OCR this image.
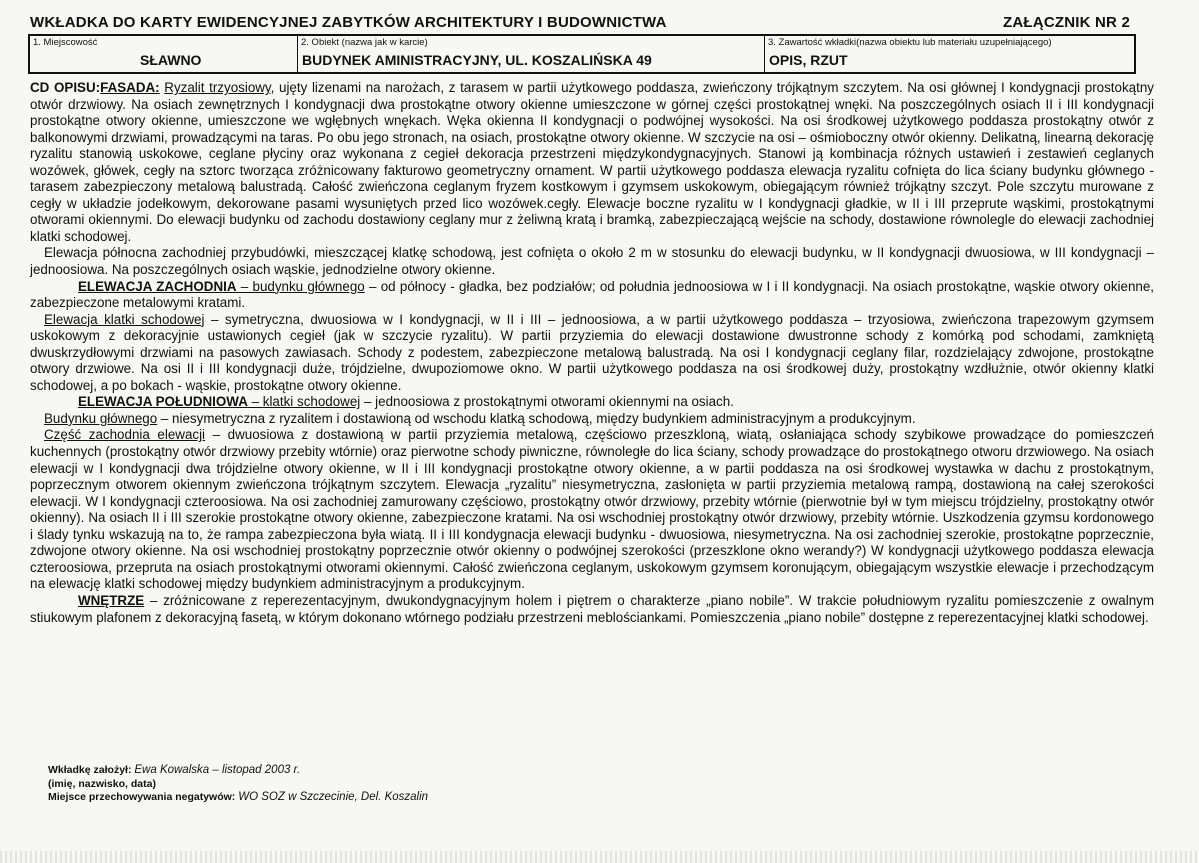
WKŁADKA DO KARTY EWIDENCYJNEJ ZABYTKÓW ARCHITEKTURY I BUDOWNICTWA	ZAŁĄCZNIK NR 2
1. Miejscowość
SŁAWNO
2. Obiekt (nazwa jak w karcie)
BUDYNEK AMINISTRACYJNY, UL. KOSZALIŃSKA 49
3. Zawartość wkładki(nazwa obiektu lub materiału uzupełniającego)
OPIS, RZUT

CD OPISU:FASADA: Ryzalit trzyosiowy, ujęty lizenami na narożach, z tarasem w partii użytkowego poddasza, zwieńczony trójkątnym szczytem. Na osi głównej I kondygnacji prostokątny otwór drzwiowy. Na osiach zewnętrznych I kondygnacji dwa prostokątne otwory okienne umieszczone w górnej części prostokątnej wnęki. Na poszczególnych osiach II i III kondygnacji prostokątne otwory okienne, umieszczone we wgłębnych wnękach. Węka okienna II kondygnacji o podwójnej wysokości. Na osi środkowej użytkowego poddasza prostokątny otwór z balkonowymi drzwiami, prowadzącymi na taras. Po obu jego stronach, na osiach, prostokątne otwory okienne. W szczycie na osi – ośmioboczny otwór okienny. Delikatną, linearną dekorację ryzalitu stanowią uskokowe, ceglane płyciny oraz wykonana z cegieł dekoracja przestrzeni międzykondygnacyjnych. Stanowi ją kombinacja różnych ustawień i zestawień ceglanych wozówek, główek, cegły na sztorc tworząca zróżnicowany fakturowo geometryczny ornament. W partii użytkowego poddasza elewacja ryzalitu cofnięta do lica ściany budynku głównego - tarasem zabezpieczony metalową balustradą. Całość zwieńczona ceglanym fryzem kostkowym i gzymsem uskokowym, obiegającym również trójkątny szczyt. Pole szczytu murowane z cegły w układzie jodełkowym, dekorowane pasami wysuniętych przed lico wozówek.cegły. Elewacje boczne ryzalitu w I kondygnacji gładkie, w II i III przeprute wąskimi, prostokątnymi otworami okiennymi. Do elewacji budynku od zachodu dostawiony ceglany mur z żeliwną kratą i bramką, zabezpieczającą wejście na schody, dostawione równolegle do elewacji zachodniej klatki schodowej.

Elewacja północna zachodniej przybudówki, mieszczącej klatkę schodową, jest cofnięta o około 2 m w stosunku do elewacji budynku, w II kondygnacji dwuosiowa, w III kondygnacji – jednoosiowa. Na poszczególnych osiach wąskie, jednodzielne otwory okienne.

ELEWACJA ZACHODNIA – budynku głównego – od północy - gładka, bez podziałów; od południa jednoosiowa w I i II kondygnacji. Na osiach prostokątne, wąskie otwory okienne, zabezpieczone metalowymi kratami.

Elewacja klatki schodowej – symetryczna, dwuosiowa w I kondygnacji, w II i III – jednoosiowa, a w partii użytkowego poddasza – trzyosiowa, zwieńczona trapezowym gzymsem uskokowym z dekoracyjnie ustawionych cegieł (jak w szczycie ryzalitu). W partii przyziemia do elewacji dostawione dwustronne schody z komórką pod schodami, zamkniętą dwuskrzydłowymi drzwiami na pasowych zawiasach. Schody z podestem, zabezpieczone metalową balustradą. Na osi I kondygnacji ceglany filar, rozdzielający zdwojone, prostokątne otwory drzwiowe. Na osi II i III kondygnacji duże, trójdzielne, dwupoziomowe okno. W partii użytkowego poddasza na osi środkowej duży, prostokątny wzdłużnie, otwór okienny klatki schodowej, a po bokach - wąskie, prostokątne otwory okienne.

ELEWACJA POŁUDNIOWA – klatki schodowej – jednoosiowa z prostokątnymi otworami okiennymi na osiach.

Budynku głównego – niesymetryczna z ryzalitem i dostawioną od wschodu klatką schodową, między budynkiem administracyjnym a produkcyjnym.

Część zachodnia elewacji – dwuosiowa z dostawioną w partii przyziemia metalową, częściowo przeszkloną, wiatą, osłaniająca schody szybikowe prowadzące do pomieszczeń kuchennych (prostokątny otwór drzwiowy przebity wtórnie) oraz pierwotne schody piwniczne, równoległe do lica ściany, schody prowadzące do prostokątnego otworu drzwiowego. Na osiach elewacji w I kondygnacji dwa trójdzielne otwory okienne, w II i III kondygnacji prostokątne otwory okienne, a w partii poddasza na osi środkowej wystawka w dachu z prostokątnym, poprzecznym otworem okiennym zwieńczona trójkątnym szczytem. Elewacja „ryzalitu” niesymetryczna, zasłonięta w partii przyziemia metalową rampą, dostawioną na całej szerokości elewacji. W I kondygnacji czteroosiowa. Na osi zachodniej zamurowany częściowo, prostokątny otwór drzwiowy, przebity wtórnie (pierwotnie był w tym miejscu trójdzielny, prostokątny otwór okienny). Na osiach II i III szerokie prostokątne otwory okienne, zabezpieczone kratami. Na osi wschodniej prostokątny otwór drzwiowy, przebity wtórnie. Uszkodzenia gzymsu kordonowego i ślady tynku wskazują na to, że rampa zabezpieczona była wiatą. II i III kondygnacja elewacji budynku - dwuosiowa, niesymetryczna. Na osi zachodniej szerokie, prostokątne poprzecznie, zdwojone otwory okienne. Na osi wschodniej prostokątny poprzecznie otwór okienny o podwójnej szerokości (przeszklone okno werandy?) W kondygnacji użytkowego poddasza elewacja czteroosiowa, przepruta na osiach prostokątnymi otworami okiennymi. Całość zwieńczona ceglanym, uskokowym gzymsem koronującym, obiegającym wszystkie elewacje i przechodzącym na elewację klatki schodowej między budynkiem administracyjnym a produkcyjnym.

WNĘTRZE – zróżnicowane z reperezentacyjnym, dwukondygnacyjnym holem i piętrem o charakterze „piano nobile”. W trakcie południowym ryzalitu pomieszczenie z owalnym stiukowym plafonem z dekoracyjną fasetą, w którym dokonano wtórnego podziału przestrzeni meblościankami. Pomieszczenia „piano nobile” dostępne z reperezentacyjnej klatki schodowej.

Wkładkę założył: Ewa Kowalska – listopad 2003 r.
(imię, nazwisko, data)
Miejsce przechowywania negatywów: WO SOZ w Szczecinie, Del. Koszalin
